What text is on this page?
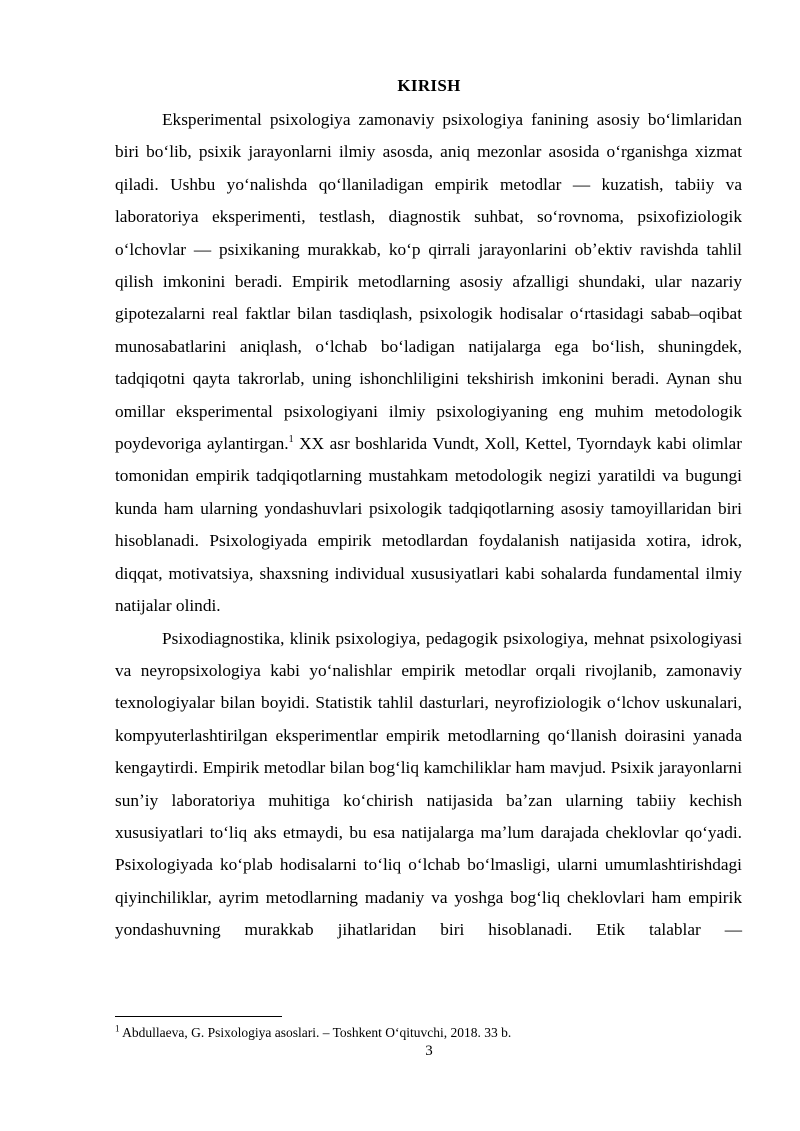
KIRISH

Eksperimental psixologiya zamonaviy psixologiya fanining asosiy boʻlimlaridan biri boʻlib, psixik jarayonlarni ilmiy asosda, aniq mezonlar asosida oʻrganishga xizmat qiladi. Ushbu yoʻnalishda qoʻllaniladigan empirik metodlar — kuzatish, tabiiy va laboratoriya eksperimenti, testlash, diagnostik suhbat, soʻrovnoma, psixofiziologik oʻlchovlar — psixikaning murakkab, koʻp qirrali jarayonlarini obʼektiv ravishda tahlil qilish imkonini beradi. Empirik metodlarning asosiy afzalligi shundaki, ular nazariy gipotezalarni real faktlar bilan tasdiqlash, psixologik hodisalar oʻrtasidagi sabab–oqibat munosabatlarini aniqlash, oʻlchab boʻladigan natijalarga ega boʻlish, shuningdek, tadqiqotni qayta takrorlab, uning ishonchliligini tekshirish imkonini beradi. Aynan shu omillar eksperimental psixologiyani ilmiy psixologiyaning eng muhim metodologik poydevoriga aylantirgan.$^1$ XX asr boshlarida Vundt, Xoll, Kettel, Tyorndayk kabi olimlar tomonidan empirik tadqiqotlarning mustahkam metodologik negizi yaratildi va bugungi kunda ham ularning yondashuvlari psixologik tadqiqotlarning asosiy tamoyillaridan biri hisoblanadi. Psixologiyada empirik metodlardan foydalanish natijasida xotira, idrok, diqqat, motivatsiya, shaxsning individual xususiyatlari kabi sohalarda fundamental ilmiy natijalar olindi.

Psixodiagnostika, klinik psixologiya, pedagogik psixologiya, mehnat psixologiyasi va neyropsixologiya kabi yoʻnalishlar empirik metodlar orqali rivojlanib, zamonaviy texnologiyalar bilan boyidi. Statistik tahlil dasturlari, neyrofiziologik oʻlchov uskunalari, kompyuterlashtirilgan eksperimentlar empirik metodlarning qoʻllanish doirasini yanada kengaytirdi. Empirik metodlar bilan bogʻliq kamchiliklar ham mavjud. Psixik jarayonlarni sunʼiy laboratoriya muhitiga koʻchirish natijasida baʼzan ularning tabiiy kechish xususiyatlari toʻliq aks etmaydi, bu esa natijalarga maʼlum darajada cheklovlar qoʻyadi. Psixologiyada koʻplab hodisalarni toʻliq oʻlchab boʻlmasligi, ularni umumlashtirishdagi qiyinchiliklar, ayrim metodlarning madaniy va yoshga bogʻliq cheklovlari ham empirik yondashuvning murakkab jihatlaridan biri hisoblanadi. Etik talablar —

$^1$ Abdullaeva, G. Psixologiya asoslari. – Toshkent Oʻqituvchi, 2018. 33 b.
3
